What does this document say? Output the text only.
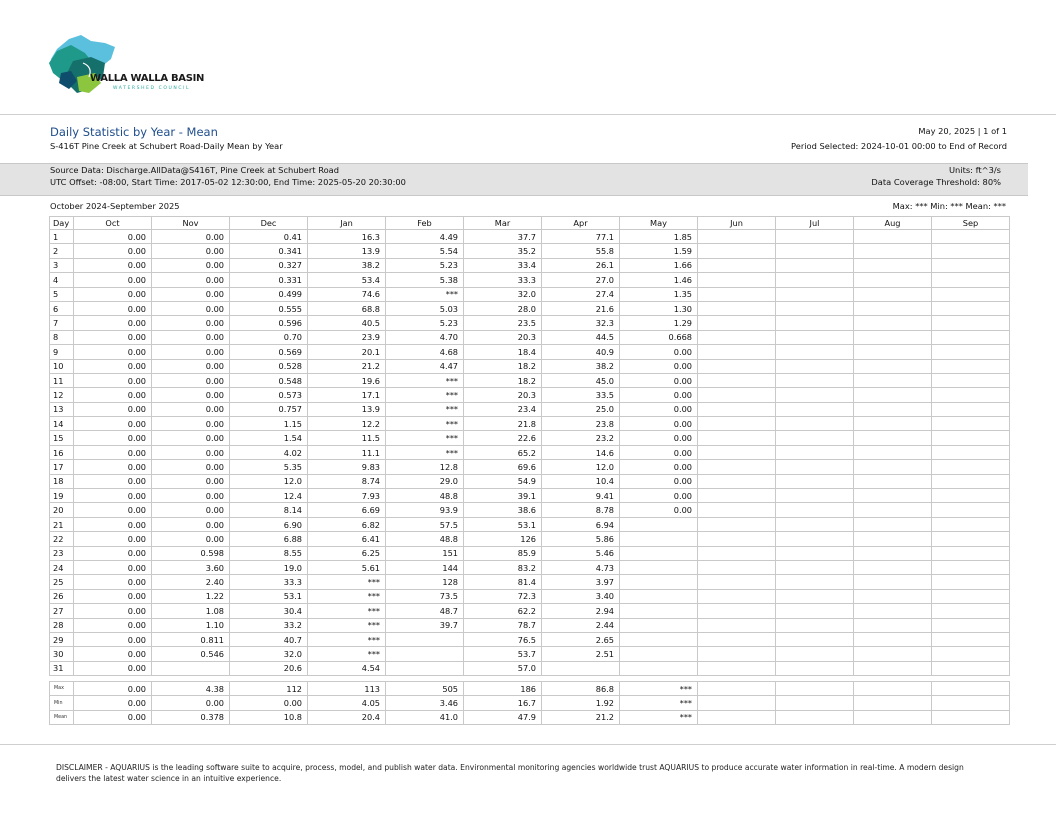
WALLA WALLA BASIN
WATERSHED COUNCIL
Daily Statistic by Year - Mean
S-416T Pine Creek at Schubert Road-Daily Mean by Year
May 20, 2025 | 1 of 1
Period Selected: 2024-10-01 00:00 to End of Record
Source Data: Discharge.AllData@S416T, Pine Creek at Schubert Road
UTC Offset: -08:00, Start Time: 2017-05-02 12:30:00, End Time: 2025-05-20 20:30:00
Units: ft^3/s
Data Coverage Threshold: 80%
October 2024-September 2025	Max: *** Min: *** Mean: ***
Day	Oct	Nov	Dec	Jan	Feb	Mar	Apr	May	Jun	Jul	Aug	Sep
1	0.00	0.00	0.41	16.3	4.49	37.7	77.1	1.85				
2	0.00	0.00	0.341	13.9	5.54	35.2	55.8	1.59				
3	0.00	0.00	0.327	38.2	5.23	33.4	26.1	1.66				
4	0.00	0.00	0.331	53.4	5.38	33.3	27.0	1.46				
5	0.00	0.00	0.499	74.6	***	32.0	27.4	1.35				
6	0.00	0.00	0.555	68.8	5.03	28.0	21.6	1.30				
7	0.00	0.00	0.596	40.5	5.23	23.5	32.3	1.29				
8	0.00	0.00	0.70	23.9	4.70	20.3	44.5	0.668				
9	0.00	0.00	0.569	20.1	4.68	18.4	40.9	0.00				
10	0.00	0.00	0.528	21.2	4.47	18.2	38.2	0.00				
11	0.00	0.00	0.548	19.6	***	18.2	45.0	0.00				
12	0.00	0.00	0.573	17.1	***	20.3	33.5	0.00				
13	0.00	0.00	0.757	13.9	***	23.4	25.0	0.00				
14	0.00	0.00	1.15	12.2	***	21.8	23.8	0.00				
15	0.00	0.00	1.54	11.5	***	22.6	23.2	0.00				
16	0.00	0.00	4.02	11.1	***	65.2	14.6	0.00				
17	0.00	0.00	5.35	9.83	12.8	69.6	12.0	0.00				
18	0.00	0.00	12.0	8.74	29.0	54.9	10.4	0.00				
19	0.00	0.00	12.4	7.93	48.8	39.1	9.41	0.00				
20	0.00	0.00	8.14	6.69	93.9	38.6	8.78	0.00				
21	0.00	0.00	6.90	6.82	57.5	53.1	6.94					
22	0.00	0.00	6.88	6.41	48.8	126	5.86					
23	0.00	0.598	8.55	6.25	151	85.9	5.46					
24	0.00	3.60	19.0	5.61	144	83.2	4.73					
25	0.00	2.40	33.3	***	128	81.4	3.97					
26	0.00	1.22	53.1	***	73.5	72.3	3.40					
27	0.00	1.08	30.4	***	48.7	62.2	2.94					
28	0.00	1.10	33.2	***	39.7	78.7	2.44					
29	0.00	0.811	40.7	***		76.5	2.65					
30	0.00	0.546	32.0	***		53.7	2.51					
31	0.00		20.6	4.54		57.0						
Max	0.00	4.38	112	113	505	186	86.8	***				
Min	0.00	0.00	0.00	4.05	3.46	16.7	1.92	***				
Mean	0.00	0.378	10.8	20.4	41.0	47.9	21.2	***				
DISCLAIMER - AQUARIUS is the leading software suite to acquire, process, model, and publish water data. Environmental monitoring agencies worldwide trust AQUARIUS to produce accurate water information in real-time. A modern design delivers the latest water science in an intuitive experience.
